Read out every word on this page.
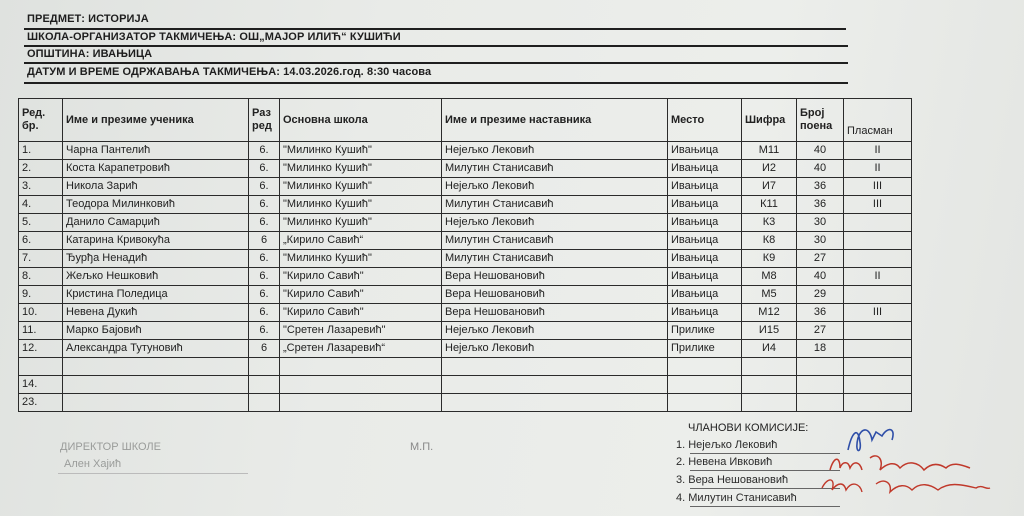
ПРЕДМЕТ: ИСТОРИЈА
ШКОЛА-ОРГАНИЗАТОР ТАКМИЧЕЊА: ОШ„МАЈОР ИЛИЋ“ КУШИЋИ
ОПШТИНА: ИВАЊИЦА
ДАТУМ И ВРЕМЕ ОДРЖАВАЊА ТАКМИЧЕЊА: 14.03.2026.год. 8:30 часова
Ред. бр.	Име и презиме ученика	Раз ред	Основна школа	Име и презиме наставника	Место	Шифра	Број поена	Пласман
1.	Чарна Пантелић	6.	"Милинко Кушић"	Нејељко Лековић	Ивањица	M11	40	II
2.	Коста Карапетровић	6.	"Милинко Кушић"	Милутин Станисавић	Ивањица	И2	40	II
3.	Никола Зарић	6.	"Милинко Кушић"	Нејељко Лековић	Ивањица	И7	36	III
4.	Теодора Милинковић	6.	"Милинко Кушић"	Милутин Станисавић	Ивањица	К11	36	III
5.	Данило Самарџић	6.	"Милинко Кушић"	Нејељко Лековић	Ивањица	К3	30	
6.	Катарина Кривокућа	6	„Кирило Савић“	Милутин Станисавић	Ивањица	К8	30	
7.	Ђурђа Ненадић	6.	"Милинко Кушић"	Милутин Станисавић	Ивањица	К9	27	
8.	Жељко Нешковић	6.	"Кирило Савић"	Вера Нешовановић	Ивањица	M8	40	II
9.	Кристина Поледица	6.	"Кирило Савић"	Вера Нешовановић	Ивањица	M5	29	
10.	Невена Дукић	6.	"Кирило Савић"	Вера Нешовановић	Ивањица	M12	36	III
11.	Марко Бајовић	6.	"Сретен Лазаревић"	Нејељко Лековић	Прилике	И15	27	
12.	Александра Тутуновић	6	„Сретен Лазаревић“	Нејељко Лековић	Прилике	И4	18	

14.								
23.								
ДИРЕКТОР ШКОЛЕ
Ален Хајић
М.П.
ЧЛАНОВИ КОМИСИЈЕ:
1. Нејељко Лековић
2. Невена Ивковић
3. Вера Нешовановић
4. Милутин Станисавић
